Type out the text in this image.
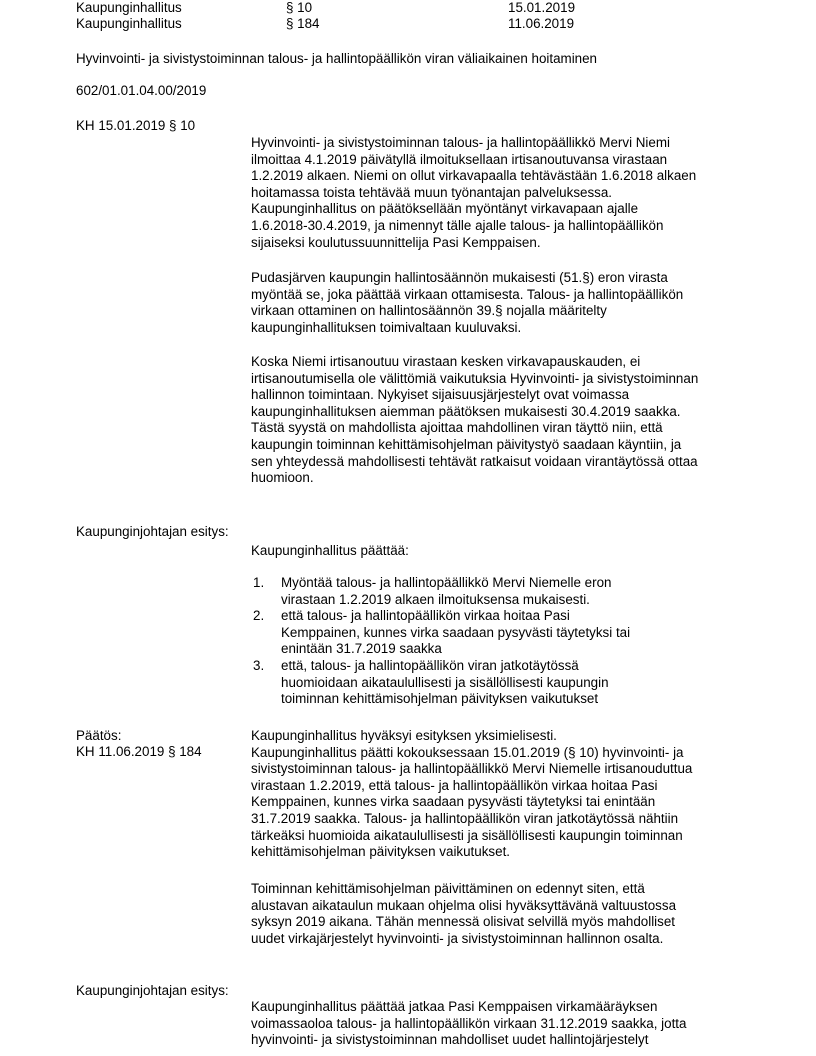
Kaupunginhallitus	§ 10	15.01.2019
Kaupunginhallitus	§ 184	11.06.2019
Hyvinvointi- ja sivistystoiminnan talous- ja hallintopäällikön viran väliaikainen hoitaminen
602/01.01.04.00/2019
KH 15.01.2019 § 10
Hyvinvointi- ja sivistystoiminnan talous- ja hallintopäällikkö Mervi Niemi
ilmoittaa 4.1.2019 päivätyllä ilmoituksellaan irtisanoutuvansa virastaan
1.2.2019 alkaen. Niemi on ollut virkavapaalla tehtävästään 1.6.2018 alkaen
hoitamassa toista tehtävää muun työnantajan palveluksessa.
Kaupunginhallitus on päätöksellään myöntänyt virkavapaan ajalle
1.6.2018-30.4.2019, ja nimennyt tälle ajalle talous- ja hallintopäällikön
sijaiseksi koulutussuunnittelija Pasi Kemppaisen.
Pudasjärven kaupungin hallintosäännön mukaisesti (51.§) eron virasta
myöntää se, joka päättää virkaan ottamisesta. Talous- ja hallintopäällikön
virkaan ottaminen on hallintosäännön 39.§ nojalla määritelty
kaupunginhallituksen toimivaltaan kuuluvaksi.
Koska Niemi irtisanoutuu virastaan kesken virkavapauskauden, ei
irtisanoutumisella ole välittömiä vaikutuksia Hyvinvointi- ja sivistystoiminnan
hallinnon toimintaan. Nykyiset sijaisuusjärjestelyt ovat voimassa
kaupunginhallituksen aiemman päätöksen mukaisesti 30.4.2019 saakka.
Tästä syystä on mahdollista ajoittaa mahdollinen viran täyttö niin, että
kaupungin toiminnan kehittämisohjelman päivitystyö saadaan käyntiin, ja
sen yhteydessä mahdollisesti tehtävät ratkaisut voidaan virantäytössä ottaa
huomioon.
Kaupunginjohtajan esitys:
Kaupunginhallitus päättää:
1. Myöntää talous- ja hallintopäällikkö Mervi Niemelle eron
virastaan 1.2.2019 alkaen ilmoituksensa mukaisesti.
2. että talous- ja hallintopäällikön virkaa hoitaa Pasi
Kemppainen, kunnes virka saadaan pysyvästi täytetyksi tai
enintään 31.7.2019 saakka
3. että, talous- ja hallintopäällikön viran jatkotäytössä
huomioidaan aikataulullisesti ja sisällöllisesti kaupungin
toiminnan kehittämisohjelman päivityksen vaikutukset
Päätös:
KH 11.06.2019 § 184
Kaupunginhallitus hyväksyi esityksen yksimielisesti.
Kaupunginhallitus päätti kokouksessaan 15.01.2019 (§ 10) hyvinvointi- ja
sivistystoiminnan talous- ja hallintopäällikkö Mervi Niemelle irtisanouduttua
virastaan 1.2.2019, että talous- ja hallintopäällikön virkaa hoitaa Pasi
Kemppainen, kunnes virka saadaan pysyvästi täytetyksi tai enintään
31.7.2019 saakka. Talous- ja hallintopäällikön viran jatkotäytössä nähtiin
tärkeäksi huomioida aikataulullisesti ja sisällöllisesti kaupungin toiminnan
kehittämisohjelman päivityksen vaikutukset.
Toiminnan kehittämisohjelman päivittäminen on edennyt siten, että
alustavan aikataulun mukaan ohjelma olisi hyväksyttävänä valtuustossa
syksyn 2019 aikana. Tähän mennessä olisivat selvillä myös mahdolliset
uudet virkajärjestelyt hyvinvointi- ja sivistystoiminnan hallinnon osalta.
Kaupunginjohtajan esitys:
Kaupunginhallitus päättää jatkaa Pasi Kemppaisen virkamääräyksen
voimassaoloa talous- ja hallintopäällikön virkaan 31.12.2019 saakka, jotta
hyvinvointi- ja sivistystoiminnan mahdolliset uudet hallintojärjestelyt
